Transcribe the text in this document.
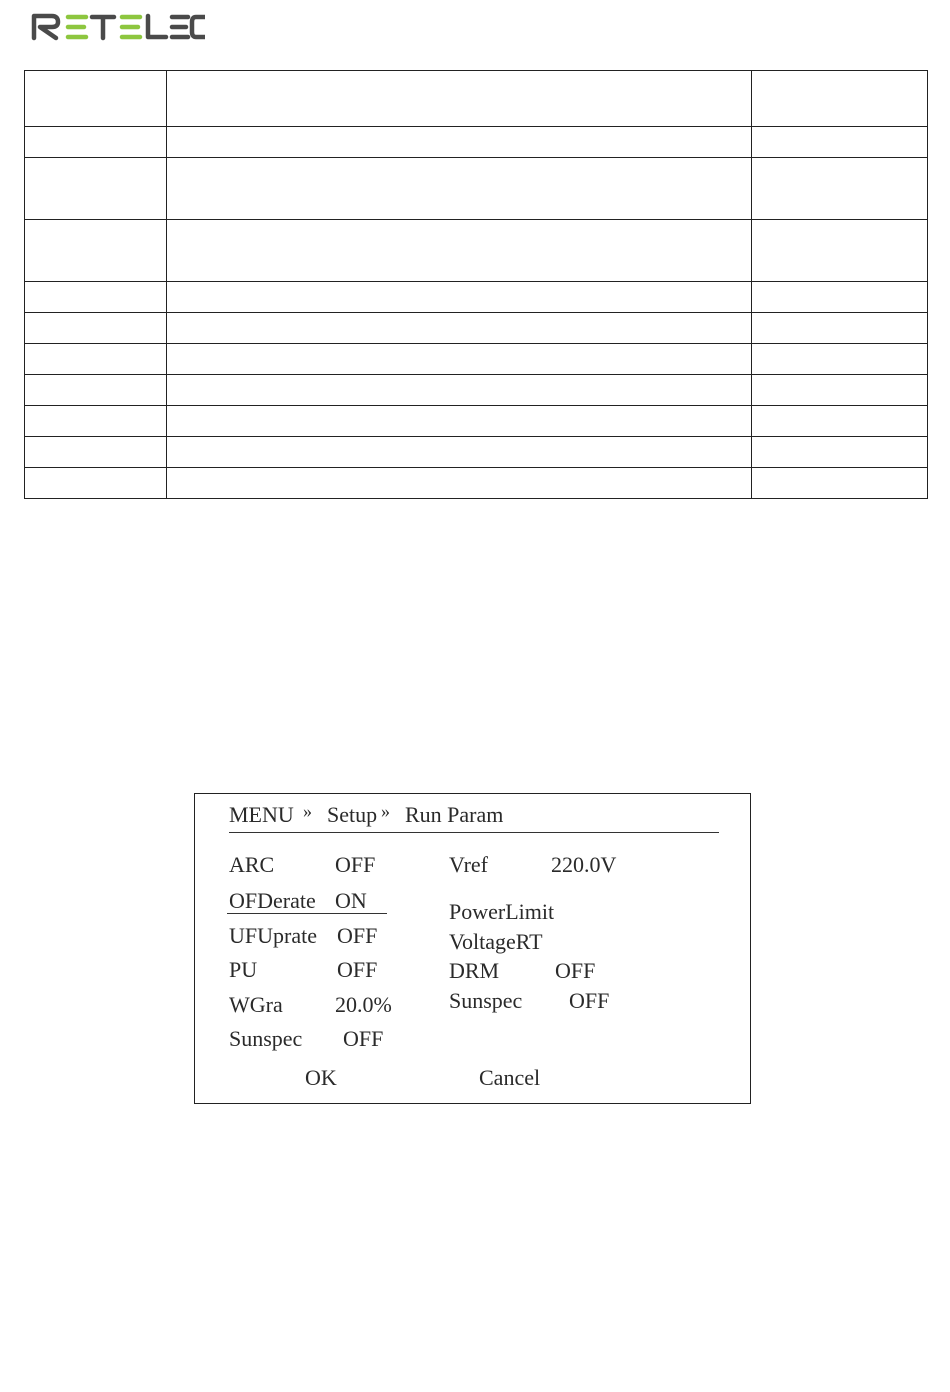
MENU » Setup » Run Param
ARC	OFF
OFDerate ON
UFUprate OFF
PU	OFF
WGra 20.0%
Sunspec OFF
Vref	220.0V
PowerLimit
VoltageRT
DRM	OFF
Sunspec OFF
OK	Cancel
